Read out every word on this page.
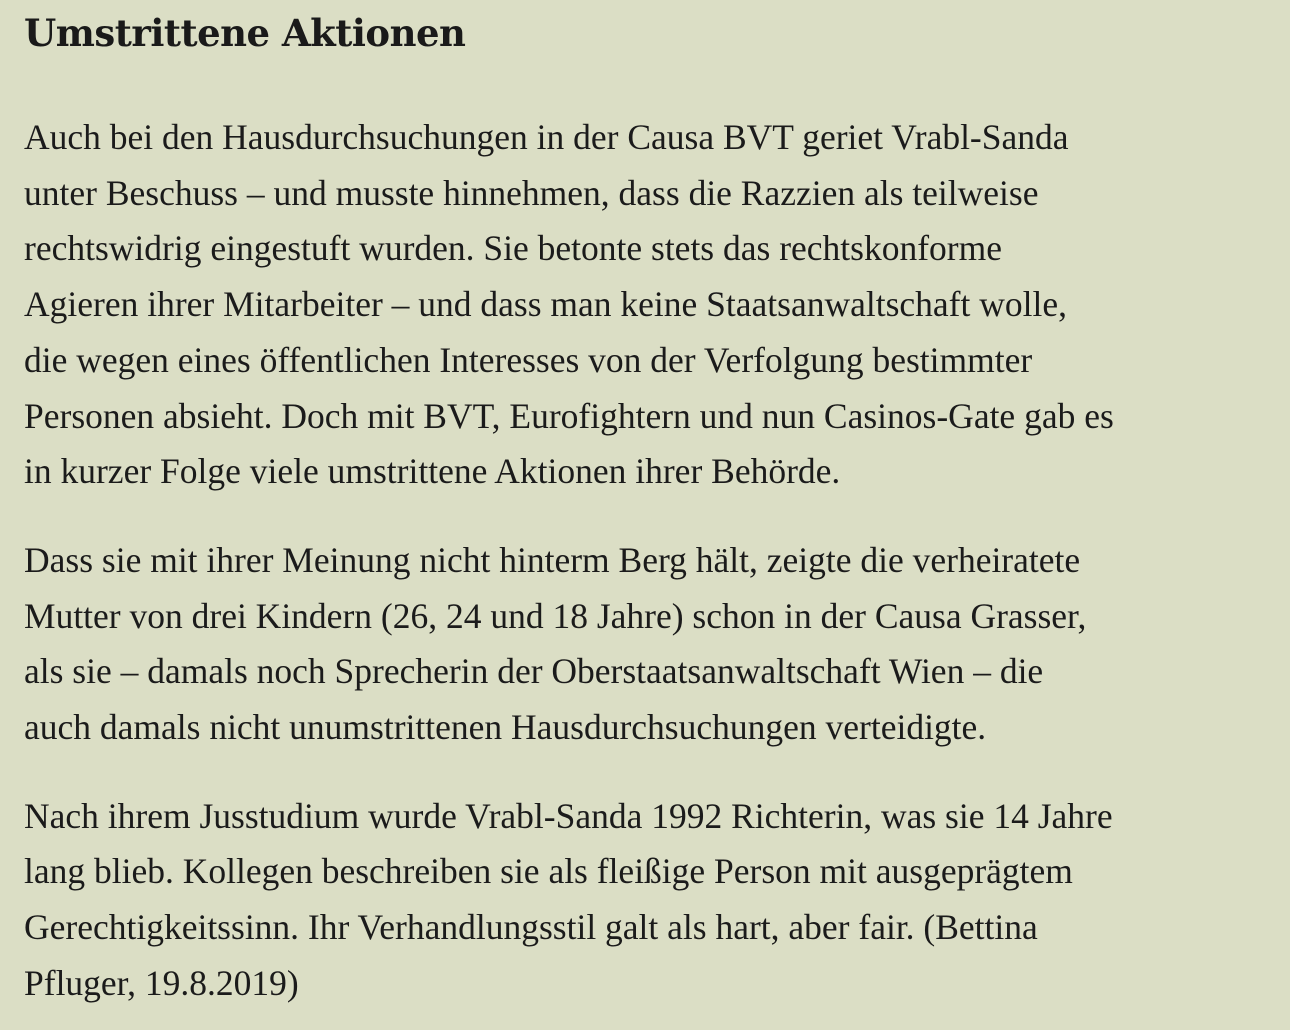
Umstrittene Aktionen

Auch bei den Hausdurchsuchungen in der Causa BVT geriet Vrabl-Sanda
unter Beschuss – und musste hinnehmen, dass die Razzien als teilweise
rechtswidrig eingestuft wurden. Sie betonte stets das rechtskonforme
Agieren ihrer Mitarbeiter – und dass man keine Staatsanwaltschaft wolle,
die wegen eines öffentlichen Interesses von der Verfolgung bestimmter
Personen absieht. Doch mit BVT, Eurofightern und nun Casinos-Gate gab es
in kurzer Folge viele umstrittene Aktionen ihrer Behörde.

Dass sie mit ihrer Meinung nicht hinterm Berg hält, zeigte die verheiratete
Mutter von drei Kindern (26, 24 und 18 Jahre) schon in der Causa Grasser,
als sie – damals noch Sprecherin der Oberstaatsanwaltschaft Wien – die
auch damals nicht unumstrittenen Hausdurchsuchungen verteidigte.

Nach ihrem Jusstudium wurde Vrabl-Sanda 1992 Richterin, was sie 14 Jahre
lang blieb. Kollegen beschreiben sie als fleißige Person mit ausgeprägtem
Gerechtigkeitssinn. Ihr Verhandlungsstil galt als hart, aber fair. (Bettina
Pfluger, 19.8.2019)
